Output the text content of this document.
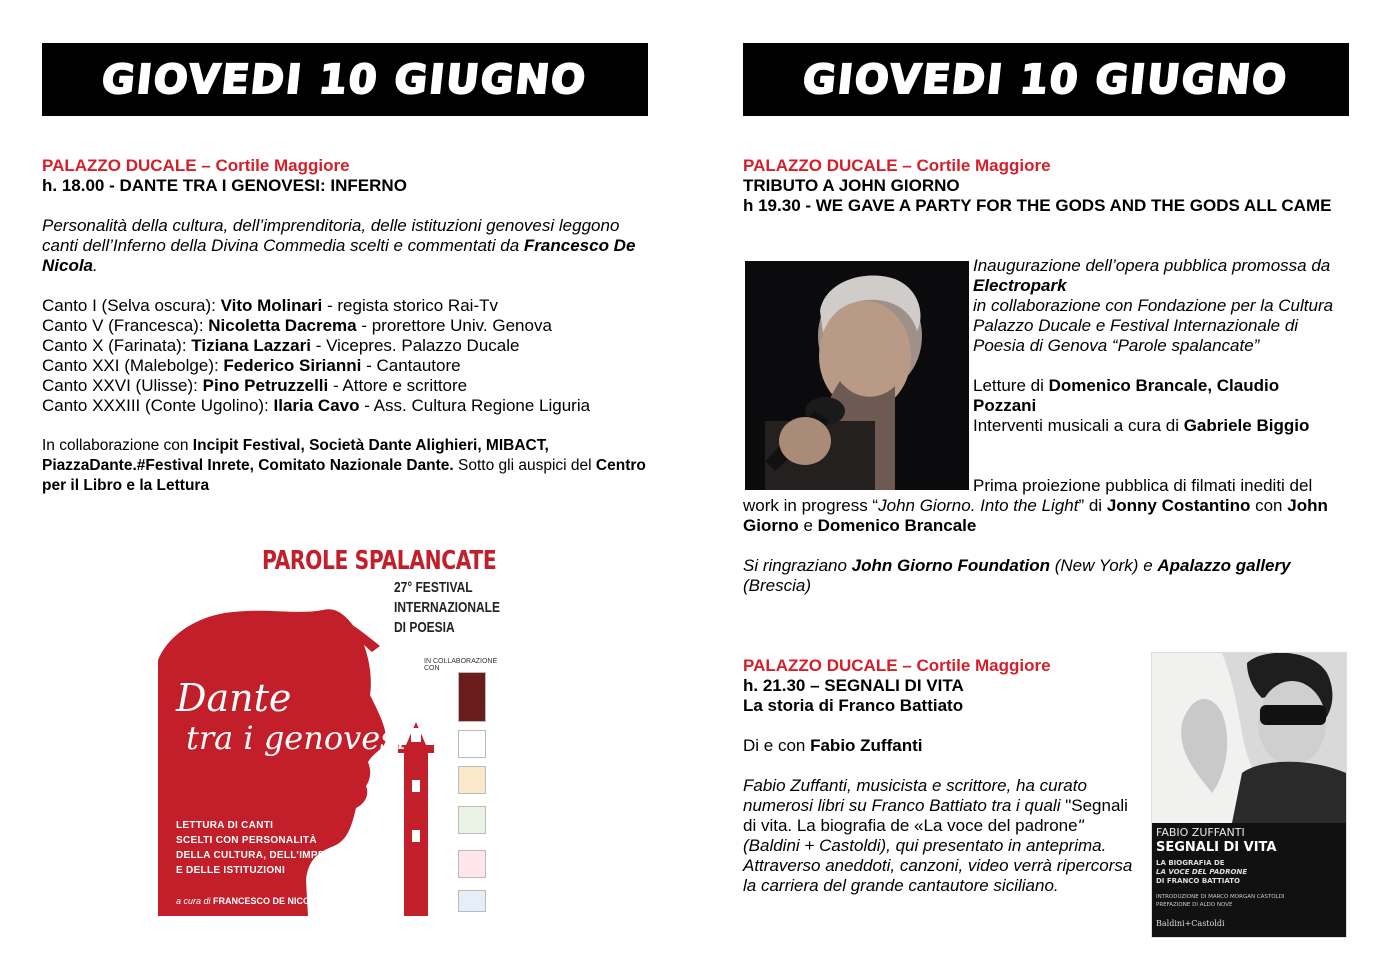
GIOVEDI 10 GIUGNO
PALAZZO DUCALE – Cortile Maggiore
h. 18.00 - DANTE TRA I GENOVESI: INFERNO
Personalità della cultura, dell’imprenditoria, delle istituzioni genovesi leggono canti dell’Inferno della Divina Commedia scelti e commentati da Francesco De Nicola.
Canto I (Selva oscura): Vito Molinari - regista storico Rai-Tv
Canto V (Francesca): Nicoletta Dacrema - prorettore Univ. Genova
Canto X (Farinata): Tiziana Lazzari - Vicepres. Palazzo Ducale
Canto XXI (Malebolge): Federico Sirianni - Cantautore
Canto XXVI (Ulisse): Pino Petruzzelli - Attore e scrittore
Canto XXXIII (Conte Ugolino): Ilaria Cavo - Ass. Cultura Regione Liguria
In collaborazione con Incipit Festival, Società Dante Alighieri, MIBACT, PiazzaDante.#Festival Inrete, Comitato Nazionale Dante. Sotto gli auspici del Centro per il Libro e la Lettura
PAROLE SPALANCATE
27° FESTIVAL
INTERNAZIONALE
DI POESIA
IN COLLABORAZIONE CON
Dante
tra i genovesi
LETTURA DI CANTI
SCELTI CON PERSONALITÀ
DELLA CULTURA, DELL’IMPRESA
E DELLE ISTITUZIONI
a cura di FRANCESCO DE NICOLA
GIOVEDI 10 GIUGNO
PALAZZO DUCALE – Cortile Maggiore
TRIBUTO A JOHN GIORNO
h 19.30 - WE GAVE A PARTY FOR THE GODS AND THE GODS ALL CAME
Inaugurazione dell’opera pubblica promossa da Electropark
in collaborazione con Fondazione per la Cultura Palazzo Ducale e Festival Internazionale di Poesia di Genova “Parole spalancate”
Letture di Domenico Brancale, Claudio Pozzani
Interventi musicali a cura di Gabriele Biggio
Prima proiezione pubblica di filmati inediti del work in progress “John Giorno. Into the Light” di Jonny Costantino con John Giorno e Domenico Brancale
Si ringraziano John Giorno Foundation (New York) e Apalazzo gallery (Brescia)
PALAZZO DUCALE – Cortile Maggiore
h. 21.30 – SEGNALI DI VITA
La storia di Franco Battiato
Di e con Fabio Zuffanti
Fabio Zuffanti, musicista e scrittore, ha curato numerosi libri su Franco Battiato tra i quali "Segnali di vita. La biografia de «La voce del padrone" (Baldini + Castoldi), qui presentato in anteprima.
Attraverso aneddoti, canzoni, video verrà ripercorsa la carriera del grande cantautore siciliano.
FABIO ZUFFANTI
SEGNALI DI VITA
LA BIOGRAFIA DE
LA VOCE DEL PADRONE
DI FRANCO BATTIATO
INTRODUZIONE DI MARCO MORGAN CASTOLDI
PREFAZIONE DI ALDO NOVE
Baldini+Castoldi
